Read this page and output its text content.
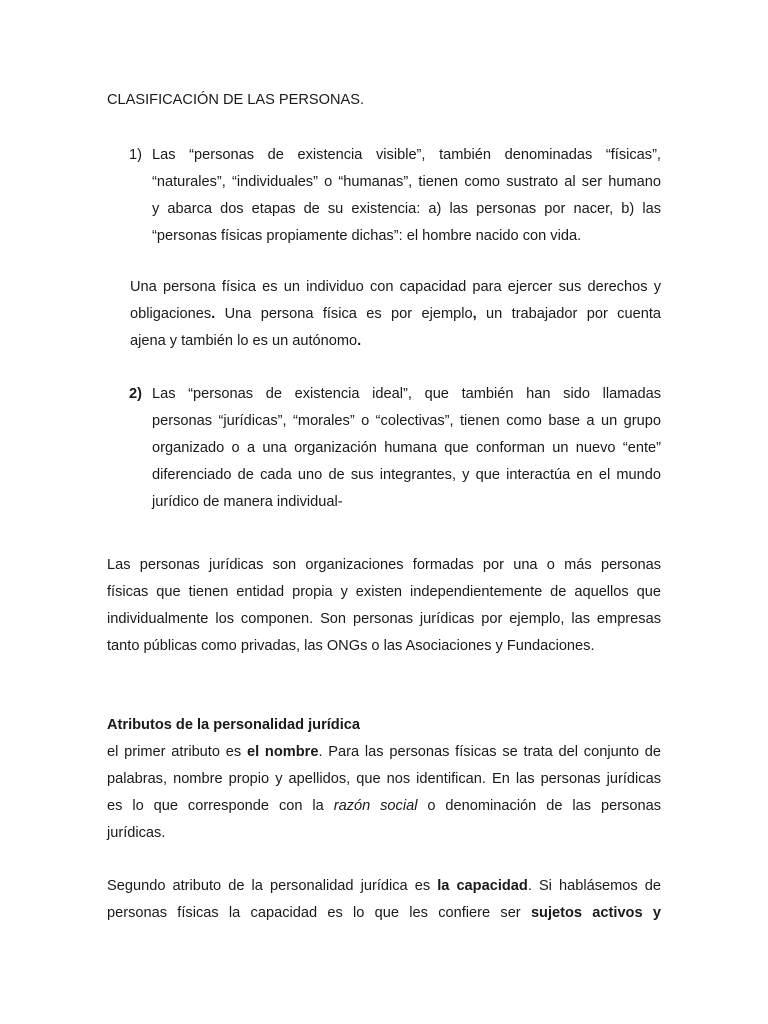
CLASIFICACIÓN DE LAS PERSONAS.
1) Las “personas de existencia visible”, también denominadas “físicas”,
“naturales”, “individuales” o “humanas”, tienen como sustrato al ser humano
y abarca dos etapas de su existencia: a) las personas por nacer, b) las
“personas físicas propiamente dichas”: el hombre nacido con vida.
Una persona física es un individuo con capacidad para ejercer sus derechos y
obligaciones. Una persona física es por ejemplo, un trabajador por cuenta
ajena y también lo es un autónomo.
2) Las “personas de existencia ideal”, que también han sido llamadas
personas “jurídicas”, “morales” o “colectivas”, tienen como base a un grupo
organizado o a una organización humana que conforman un nuevo “ente”
diferenciado de cada uno de sus integrantes, y que interactúa en el mundo
jurídico de manera individual-
Las personas jurídicas son organizaciones formadas por una o más personas
físicas que tienen entidad propia y existen independientemente de aquellos que
individualmente los componen. Son personas jurídicas por ejemplo, las empresas
tanto públicas como privadas, las ONGs o las Asociaciones y Fundaciones.
Atributos de la personalidad jurídica
el primer atributo es el nombre. Para las personas físicas se trata del conjunto de
palabras, nombre propio y apellidos, que nos identifican. En las personas jurídicas
es lo que corresponde con la razón social o denominación de las personas
jurídicas.
Segundo atributo de la personalidad jurídica es la capacidad. Si hablásemos de
personas físicas la capacidad es lo que les confiere ser sujetos activos y
